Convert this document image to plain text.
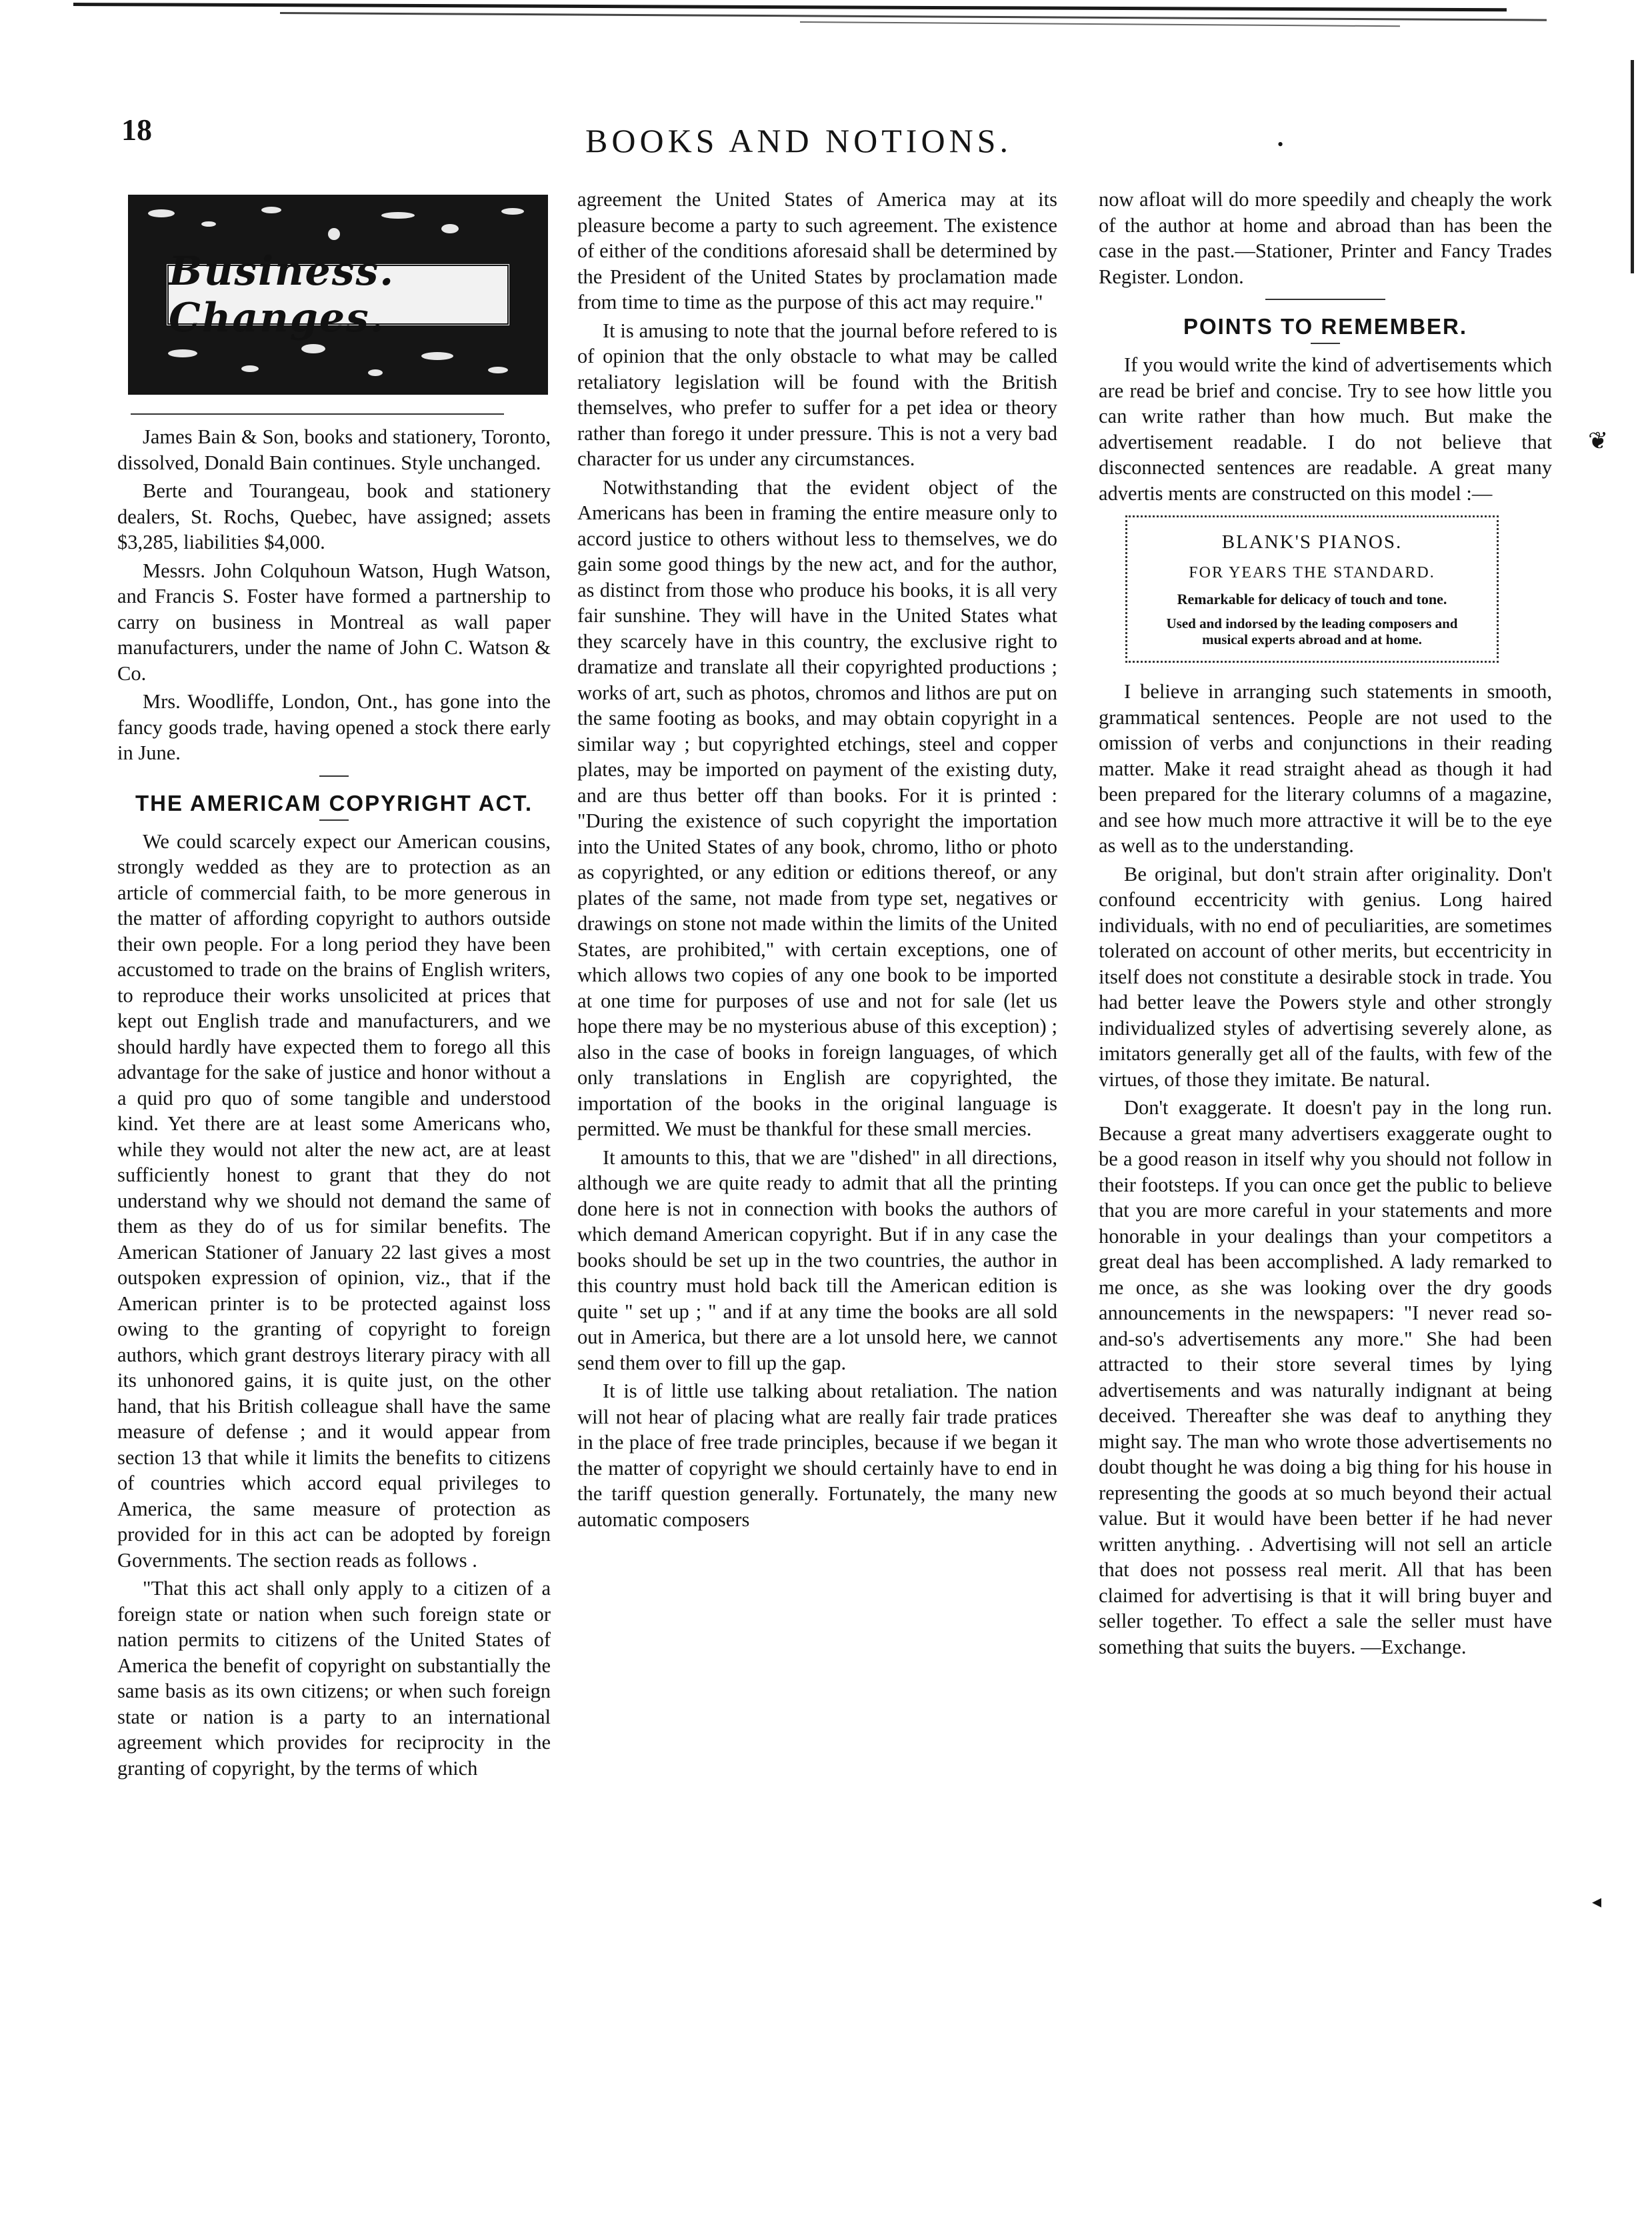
18	BOOKS AND NOTIONS.	•
Business. Changes.

James Bain & Son, books and stationery, Toronto, dissolved, Donald Bain continues. Style unchanged.

Berte and Tourangeau, book and stationery dealers, St. Rochs, Quebec, have assigned; assets $3,285, liabilities $4,000.

Messrs. John Colquhoun Watson, Hugh Watson, and Francis S. Foster have formed a partnership to carry on business in Montreal as wall paper manufacturers, under the name of John C. Watson & Co.

Mrs. Woodliffe, London, Ont., has gone into the fancy goods trade, having opened a stock there early in June.

THE AMERICAM COPYRIGHT ACT.

We could scarcely expect our American cousins, strongly wedded as they are to protection as an article of commercial faith, to be more generous in the matter of affording copyright to authors outside their own people. For a long period they have been accustomed to trade on the brains of English writers, to reproduce their works unsolicited at prices that kept out English trade and manufacturers, and we should hardly have expected them to forego all this advantage for the sake of justice and honor without a a quid pro quo of some tangible and understood kind. Yet there are at least some Americans who, while they would not alter the new act, are at least sufficiently honest to grant that they do not understand why we should not demand the same of them as they do of us for similar benefits. The American Stationer of January 22 last gives a most outspoken expression of opinion, viz., that if the American printer is to be protected against loss owing to the granting of copyright to foreign authors, which grant destroys literary piracy with all its unhonored gains, it is quite just, on the other hand, that his British colleague shall have the same measure of defense ; and it would appear from section 13 that while it limits the benefits to citizens of countries which accord equal privileges to America, the same measure of protection as provided for in this act can be adopted by foreign Governments. The section reads as follows .

"That this act shall only apply to a citizen of a foreign state or nation when such foreign state or nation permits to citizens of the United States of America the benefit of copyright on substantially the same basis as its own citizens; or when such foreign state or nation is a party to an international agreement which provides for reciprocity in the granting of copyright, by the terms of which

agreement the United States of America may at its pleasure become a party to such agreement. The existence of either of the conditions aforesaid shall be determined by the President of the United States by proclamation made from time to time as the purpose of this act may require."

It is amusing to note that the journal before refered to is of opinion that the only obstacle to what may be called retaliatory legislation will be found with the British themselves, who prefer to suffer for a pet idea or theory rather than forego it under pressure. This is not a very bad character for us under any circumstances.

Notwithstanding that the evident object of the Americans has been in framing the entire measure only to accord justice to others without less to themselves, we do gain some good things by the new act, and for the author, as distinct from those who produce his books, it is all very fair sunshine. They will have in the United States what they scarcely have in this country, the exclusive right to dramatize and translate all their copyrighted productions ; works of art, such as photos, chromos and lithos are put on the same footing as books, and may obtain copyright in a similar way ; but copyrighted etchings, steel and copper plates, may be imported on payment of the existing duty, and are thus better off than books. For it is printed : "During the existence of such copyright the importation into the United States of any book, chromo, litho or photo as copyrighted, or any edition or editions thereof, or any plates of the same, not made from type set, negatives or drawings on stone not made within the limits of the United States, are prohibited," with certain exceptions, one of which allows two copies of any one book to be imported at one time for purposes of use and not for sale (let us hope there may be no mysterious abuse of this exception) ; also in the case of books in foreign languages, of which only translations in English are copyrighted, the importation of the books in the original language is permitted. We must be thankful for these small mercies.

It amounts to this, that we are "dished" in all directions, although we are quite ready to admit that all the printing done here is not in connection with books the authors of which demand American copyright. But if in any case the books should be set up in the two countries, the author in this country must hold back till the American edition is quite " set up ; " and if at any time the books are all sold out in America, but there are a lot unsold here, we cannot send them over to fill up the gap.

It is of little use talking about retaliation. The nation will not hear of placing what are really fair trade pratices in the place of free trade principles, because if we began it the matter of copyright we should certainly have to end in the tariff question generally. Fortunately, the many new automatic composers

now afloat will do more speedily and cheaply the work of the author at home and abroad than has been the case in the past.—Stationer, Printer and Fancy Trades Register. London.

POINTS TO REMEMBER.

If you would write the kind of advertisements which are read be brief and concise. Try to see how little you can write rather than how much. But make the advertisement readable. I do not believe that disconnected sentences are readable. A great many advertis ments are constructed on this model :—

BLANK'S PIANOS.
FOR YEARS THE STANDARD.
Remarkable for delicacy of touch and tone.
Used and indorsed by the leading composers and musical experts abroad and at home.

I believe in arranging such statements in smooth, grammatical sentences. People are not used to the omission of verbs and conjunctions in their reading matter. Make it read straight ahead as though it had been prepared for the literary columns of a magazine, and see how much more attractive it will be to the eye as well as to the understanding.

Be original, but don't strain after originality. Don't confound eccentricity with genius. Long haired individuals, with no end of peculiarities, are sometimes tolerated on account of other merits, but eccentricity in itself does not constitute a desirable stock in trade. You had better leave the Powers style and other strongly individualized styles of advertising severely alone, as imitators generally get all of the faults, with few of the virtues, of those they imitate. Be natural.

Don't exaggerate. It doesn't pay in the long run. Because a great many advertisers exaggerate ought to be a good reason in itself why you should not follow in their footsteps. If you can once get the public to believe that you are more careful in your statements and more honorable in your dealings than your competitors a great deal has been accomplished. A lady remarked to me once, as she was looking over the dry goods announcements in the newspapers: "I never read so-and-so's advertisements any more." She had been attracted to their store several times by lying advertisements and was naturally indignant at being deceived. Thereafter she was deaf to anything they might say. The man who wrote those advertisements no doubt thought he was doing a big thing for his house in representing the goods at so much beyond their actual value. But it would have been better if he had never written anything. . Advertising will not sell an article that does not possess real merit. All that has been claimed for advertising is that it will bring buyer and seller together. To effect a sale the seller must have something that suits the buyers. —Exchange.

❦
◂
